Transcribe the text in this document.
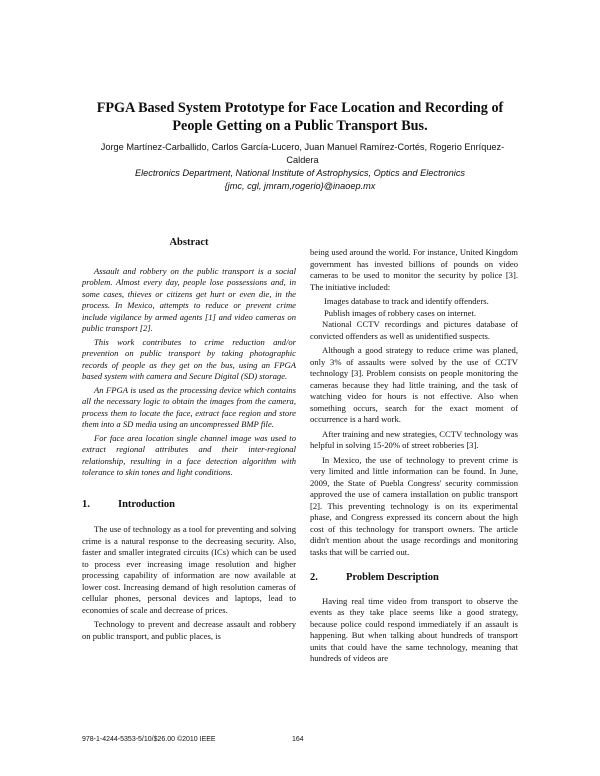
FPGA Based System Prototype for Face Location and Recording of
People Getting on a Public Transport Bus.
Jorge Martínez-Carballido, Carlos García-Lucero, Juan Manuel Ramírez-Cortés, Rogerio Enríquez-
Caldera
Electronics Department, National Institute of Astrophysics, Optics and Electronics
{jmc, cgl, jmram,rogerio}@inaoep.mx
Abstract

Assault and robbery on the public transport is a social problem. Almost every day, people lose possessions and, in some cases, thieves or citizens get hurt or even die, in the process. In Mexico, attempts to reduce or prevent crime include vigilance by armed agents [1] and video cameras on public transport [2].

This work contributes to crime reduction and/or prevention on public transport by taking photographic records of people as they get on the bus, using an FPGA based system with camera and Secure Digital (SD) storage.

An FPGA is used as the processing device which contains all the necessary logic to obtain the images from the camera, process them to locate the face, extract face region and store them into a SD media using an uncompressed BMP file.

For face area location single channel image was used to extract regional attributes and their inter-regional relationship, resulting in a face detection algorithm with tolerance to skin tones and light conditions.

1.	Introduction

The use of technology as a tool for preventing and solving crime is a natural response to the decreasing security. Also, faster and smaller integrated circuits (ICs) which can be used to process ever increasing image resolution and higher processing capability of information are now available at lower cost. Increasing demand of high resolution cameras of cellular phones, personal devices and laptops, lead to economies of scale and decrease of prices.

Technology to prevent and decrease assault and robbery on public transport, and public places, is

being used around the world. For instance, United Kingdom government has invested billions of pounds on video cameras to be used to monitor the security by police [3]. The initiative included:

Images database to track and identify offenders.

Publish images of robbery cases on internet.

National CCTV recordings and pictures database of convicted offenders as well as unidentified suspects.

Although a good strategy to reduce crime was planed, only 3% of assaults were solved by the use of CCTV technology [3]. Problem consists on people monitoring the cameras because they had little training, and the task of watching video for hours is not effective. Also when something occurs, search for the exact moment of occurrence is a hard work.

After training and new strategies, CCTV technology was helpful in solving 15-20% of street robberies [3].

In Mexico, the use of technology to prevent crime is very limited and little information can be found. In June, 2009, the State of Puebla Congress' security commission approved the use of camera installation on public transport [2]. This preventing technology is on its experimental phase, and Congress expressed its concern about the high cost of this technology for transport owners. The article didn't mention about the usage recordings and monitoring tasks that will be carried out.

2.	Problem Description

Having real time video from transport to observe the events as they take place seems like a good strategy, because police could respond immediately if an assault is happening. But when talking about hundreds of transport units that could have the same technology, meaning that hundreds of videos are

978-1-4244-5353-5/10/$26.00 ©2010 IEEE	164
